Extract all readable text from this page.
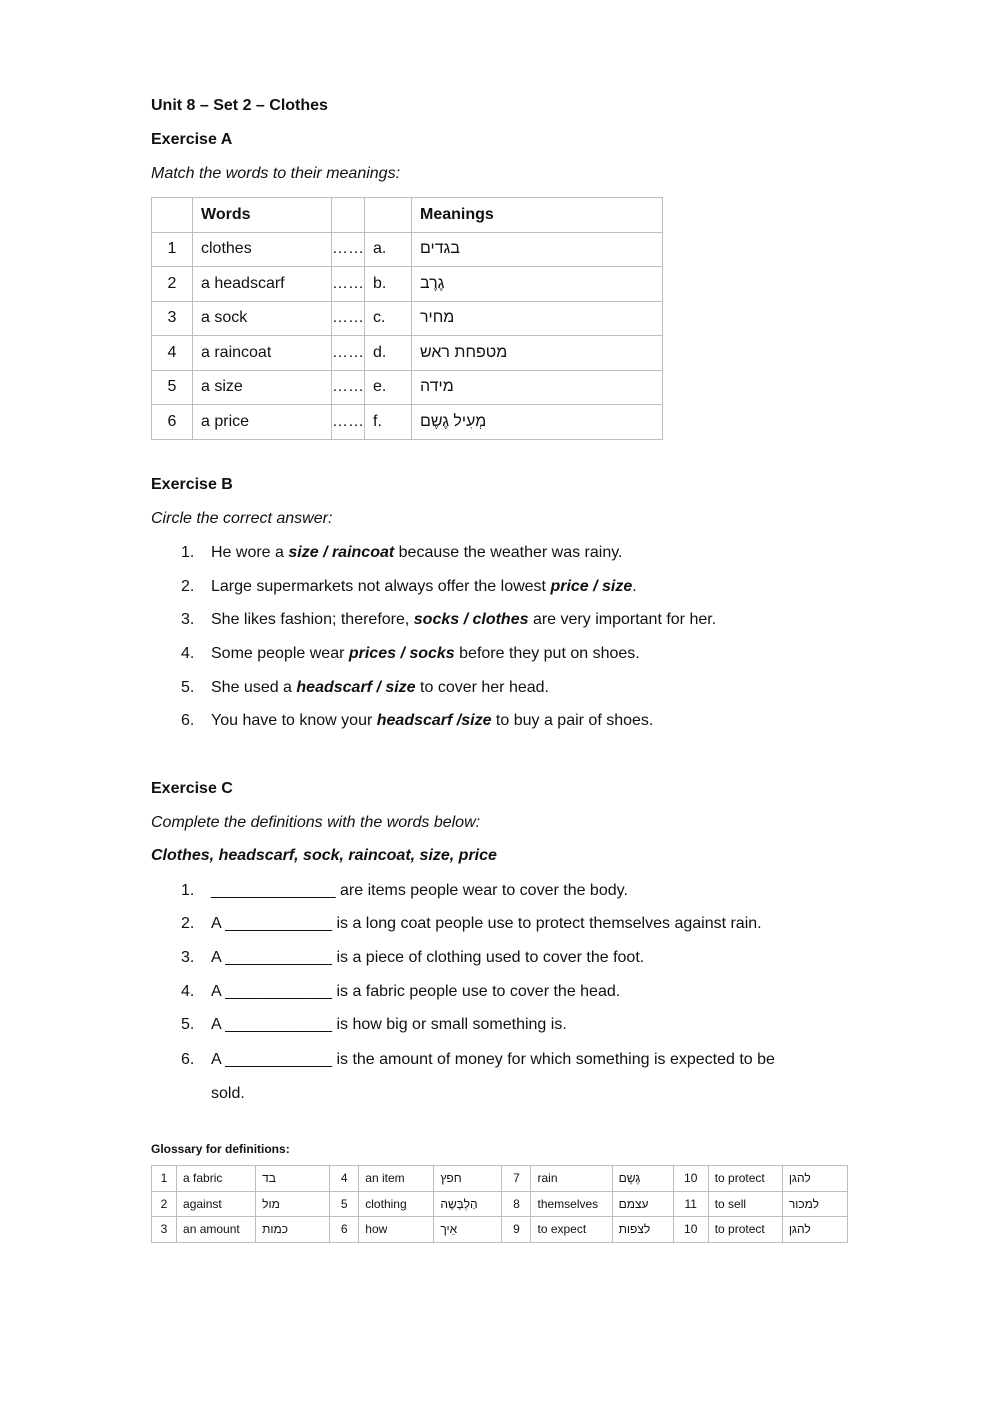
Unit 8 – Set 2 – Clothes
Exercise A
Match the words to their meanings:
	Words			Meanings
1	clothes	……	a.	בגדים
2	a headscarf	……	b.	גֶרֶב
3	a sock	……	c.	מחיר
4	a raincoat	……	d.	מטפחת ראש
5	a size	……	e.	מידה
6	a price	……	f.	מְעִיל גֶשֶם
Exercise B
Circle the correct answer:
1. He wore a size / raincoat because the weather was rainy.
2. Large supermarkets not always offer the lowest price / size.
3. She likes fashion; therefore, socks / clothes are very important for her.
4. Some people wear prices / socks before they put on shoes.
5. She used a headscarf / size to cover her head.
6. You have to know your headscarf /size to buy a pair of shoes.
Exercise C
Complete the definitions with the words below:
Clothes, headscarf, sock, raincoat, size, price
1. ______________ are items people wear to cover the body.
2. A ____________ is a long coat people use to protect themselves against rain.
3. A ____________ is a piece of clothing used to cover the foot.
4. A ____________ is a fabric people use to cover the head.
5. A ____________ is how big or small something is.
6. A ____________ is the amount of money for which something is expected to be
sold.
Glossary for definitions:
1	a fabric	בד	4	an item	חפץ	7	rain	גֶשֶם	10	to protect	להגן
2	against	מול	5	clothing	הַלְבָּשָה	8	themselves	עצמם	11	to sell	למכור
3	an amount	כמות	6	how	אֵיך	9	to expect	לצפות	10	to protect	להגן
